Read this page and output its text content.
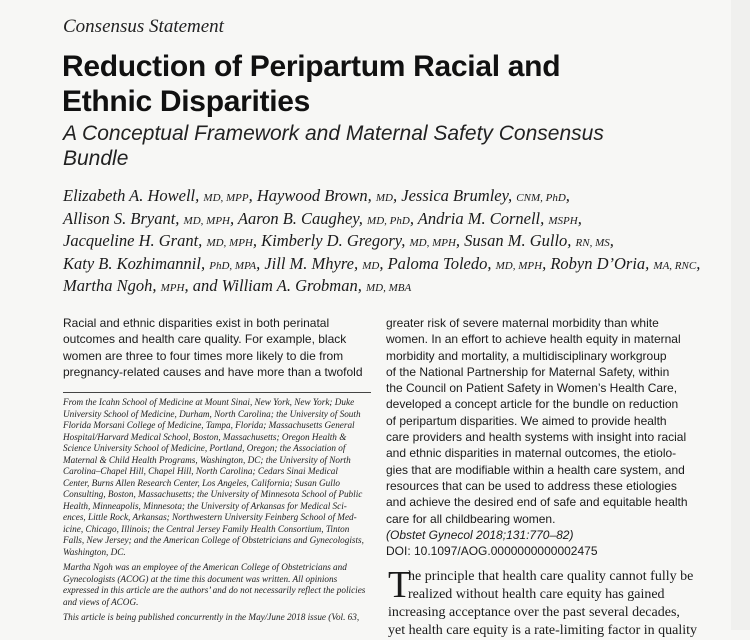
Consensus Statement
Reduction of Peripartum Racial and
Ethnic Disparities
A Conceptual Framework and Maternal Safety Consensus
Bundle
Elizabeth A. Howell, MD, MPP, Haywood Brown, MD, Jessica Brumley, CNM, PhD,
Allison S. Bryant, MD, MPH, Aaron B. Caughey, MD, PhD, Andria M. Cornell, MSPH,
Jacqueline H. Grant, MD, MPH, Kimberly D. Gregory, MD, MPH, Susan M. Gullo, RN, MS,
Katy B. Kozhimannil, PhD, MPA, Jill M. Mhyre, MD, Paloma Toledo, MD, MPH, Robyn D’Oria, MA, RNC,
Martha Ngoh, MPH, and William A. Grobman, MD, MBA
Racial and ethnic disparities exist in both perinatal
outcomes and health care quality. For example, black
women are three to four times more likely to die from
pregnancy-related causes and have more than a twofold
greater risk of severe maternal morbidity than white
women. In an effort to achieve health equity in maternal
morbidity and mortality, a multidisciplinary workgroup
of the National Partnership for Maternal Safety, within
the Council on Patient Safety in Women’s Health Care,
developed a concept article for the bundle on reduction
of peripartum disparities. We aimed to provide health
care providers and health systems with insight into racial
and ethnic disparities in maternal outcomes, the etiolo-
gies that are modifiable within a health care system, and
resources that can be used to address these etiologies
and achieve the desired end of safe and equitable health
care for all childbearing women.
(Obstet Gynecol 2018;131:770–82)
DOI: 10.1097/AOG.0000000000002475
From the Icahn School of Medicine at Mount Sinai, New York, New York; Duke
University School of Medicine, Durham, North Carolina; the University of South
Florida Morsani College of Medicine, Tampa, Florida; Massachusetts General
Hospital/Harvard Medical School, Boston, Massachusetts; Oregon Health &
Science University School of Medicine, Portland, Oregon; the Association of
Maternal & Child Health Programs, Washington, DC; the University of North
Carolina–Chapel Hill, Chapel Hill, North Carolina; Cedars Sinai Medical
Center, Burns Allen Research Center, Los Angeles, California; Susan Gullo
Consulting, Boston, Massachusetts; the University of Minnesota School of Public
Health, Minneapolis, Minnesota; the University of Arkansas for Medical Sci-
ences, Little Rock, Arkansas; Northwestern University Feinberg School of Med-
icine, Chicago, Illinois; the Central Jersey Family Health Consortium, Tinton
Falls, New Jersey; and the American College of Obstetricians and Gynecologists,
Washington, DC.
Martha Ngoh was an employee of the American College of Obstetricians and
Gynecologists (ACOG) at the time this document was written. All opinions
expressed in this article are the authors’ and do not necessarily reflect the policies
and views of ACOG.
This article is being published concurrently in the May/June 2018 issue (Vol. 63,
T
he principle that health care quality cannot fully be
realized without health care equity has gained
increasing acceptance over the past several decades,
yet health care equity is a rate-limiting factor in quality
